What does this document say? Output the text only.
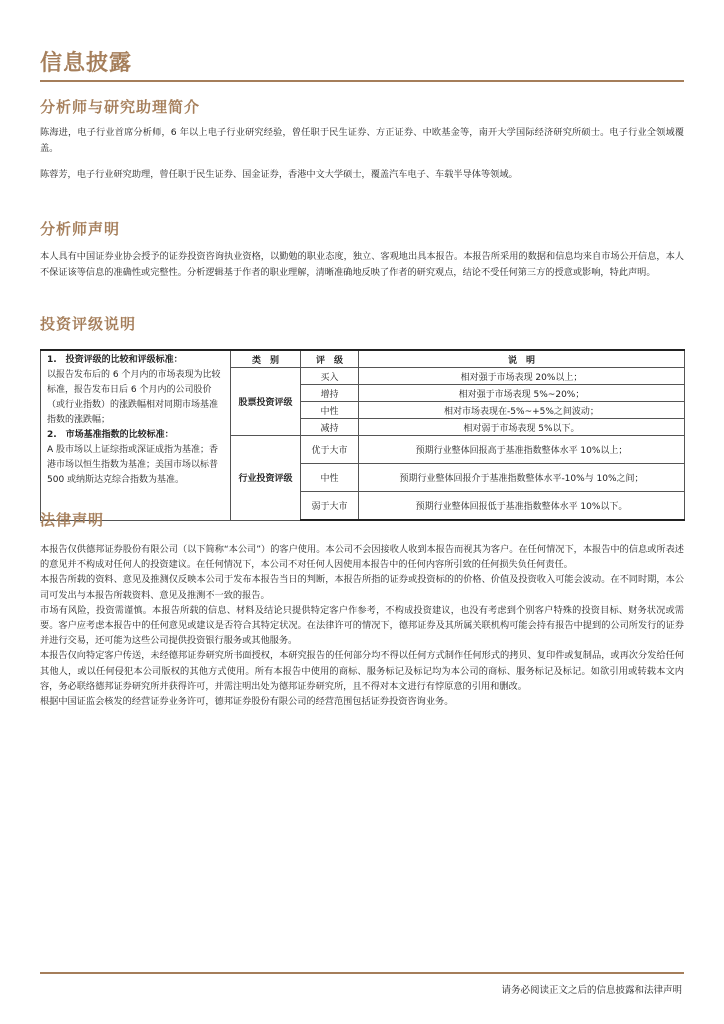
信息披露
分析师与研究助理简介

陈海进，电子行业首席分析师，6 年以上电子行业研究经验，曾任职于民生证券、方正证券、中欧基金等，南开大学国际经济研究所硕士。电子行业全领域覆盖。

陈蓉芳，电子行业研究助理，曾任职于民生证券、国金证券，香港中文大学硕士，覆盖汽车电子、车载半导体等领域。

分析师声明
本人具有中国证券业协会授予的证券投资咨询执业资格，以勤勉的职业态度，独立、客观地出具本报告。本报告所采用的数据和信息均来自市场公开信息，本人不保证该等信息的准确性或完整性。分析逻辑基于作者的职业理解，清晰准确地反映了作者的研究观点，结论不受任何第三方的授意或影响，特此声明。
投资评级说明
1.　投资评级的比较和评级标准：
以报告发布后的 6 个月内的市场表现为比较标准，报告发布日后 6 个月内的公司股价（或行业指数）的涨跌幅相对同期市场基准指数的涨跌幅；
2.　市场基准指数的比较标准：
A 股市场以上证综指或深证成指为基准；香港市场以恒生指数为基准；美国市场以标普 500 或纳斯达克综合指数为基准。	类　别	评　级	说　明
	股票投资评级	买入	相对强于市场表现 20%以上；
		增持	相对强于市场表现 5%~20%；
		中性	相对市场表现在-5%~+5%之间波动；
		减持	相对弱于市场表现 5%以下。
	行业投资评级	优于大市	预期行业整体回报高于基准指数整体水平 10%以上；
		中性	预期行业整体回报介于基准指数整体水平-10%与 10%之间；
		弱于大市	预期行业整体回报低于基准指数整体水平 10%以下。
法律声明

本报告仅供德邦证券股份有限公司（以下简称“本公司”）的客户使用。本公司不会因接收人收到本报告而视其为客户。在任何情况下，本报告中的信息或所表述的意见并不构成对任何人的投资建议。在任何情况下，本公司不对任何人因使用本报告中的任何内容所引致的任何损失负任何责任。

本报告所载的资料、意见及推测仅反映本公司于发布本报告当日的判断，本报告所指的证券或投资标的的价格、价值及投资收入可能会波动。在不同时期，本公司可发出与本报告所载资料、意见及推测不一致的报告。

市场有风险，投资需谨慎。本报告所载的信息、材料及结论只提供特定客户作参考，不构成投资建议，也没有考虑到个别客户特殊的投资目标、财务状况或需要。客户应考虑本报告中的任何意见或建议是否符合其特定状况。在法律许可的情况下，德邦证券及其所属关联机构可能会持有报告中提到的公司所发行的证券并进行交易，还可能为这些公司提供投资银行服务或其他服务。

本报告仅向特定客户传送，未经德邦证券研究所书面授权，本研究报告的任何部分均不得以任何方式制作任何形式的拷贝、复印件或复制品，或再次分发给任何其他人，或以任何侵犯本公司版权的其他方式使用。所有本报告中使用的商标、服务标记及标记均为本公司的商标、服务标记及标记。如欲引用或转载本文内容，务必联络德邦证券研究所并获得许可，并需注明出处为德邦证券研究所，且不得对本文进行有悖原意的引用和删改。

根据中国证监会核发的经营证券业务许可，德邦证券股份有限公司的经营范围包括证券投资咨询业务。

请务必阅读正文之后的信息披露和法律声明
